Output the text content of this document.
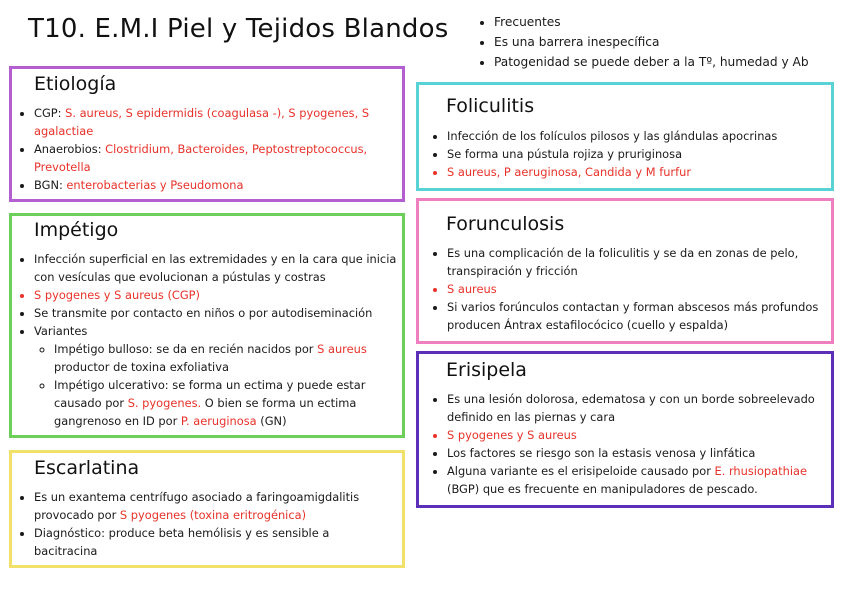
T10. E.M.I Piel y Tejidos Blandos
•	Frecuentes
• Es una barrera inespecífica
• Patogenidad se puede deber a la Tº, humedad y Ab
Etiología
• CGP: S. aureus, S epidermidis (coagulasa -), S pyogenes, S agalactiae
• Anaerobios: Clostridium, Bacteroides, Peptostreptococcus, Prevotella
• BGN: enterobacterias y Pseudomona
Impétigo
• Infección superficial en las extremidades y en la cara que inicia con vesículas que evolucionan a pústulas y costras
• S pyogenes y S aureus (CGP)
• Se transmite por contacto en niños o por autodiseminación
• Variantes
◦ Impétigo bulloso: se da en recién nacidos por S aureus productor de toxina exfoliativa
◦ Impétigo ulcerativo: se forma un ectima y puede estar causado por S. pyogenes. O bien se forma un ectima gangrenoso en ID por P. aeruginosa (GN)
Escarlatina
• Es un exantema centrífugo asociado a faringoamigdalitis provocado por S pyogenes (toxina eritrogénica)
• Diagnóstico: produce beta hemólisis y es sensible a bacitracina
Foliculitis
• Infección de los folículos pilosos y las glándulas apocrinas
• Se forma una pústula rojiza y pruriginosa
• S aureus, P aeruginosa, Candida y M furfur
Forunculosis
• Es una complicación de la foliculitis y se da en zonas de pelo, transpiración y fricción
• S aureus
• Si varios forúnculos contactan y forman abscesos más profundos producen Ántrax estafilocócico (cuello y espalda)
Erisipela
• Es una lesión dolorosa, edematosa y con un borde sobreelevado definido en las piernas y cara
• S pyogenes y S aureus
• Los factores se riesgo son la estasis venosa y linfática
• Alguna variante es el erisipeloide causado por E. rhusiopathiae (BGP) que es frecuente en manipuladores de pescado.
